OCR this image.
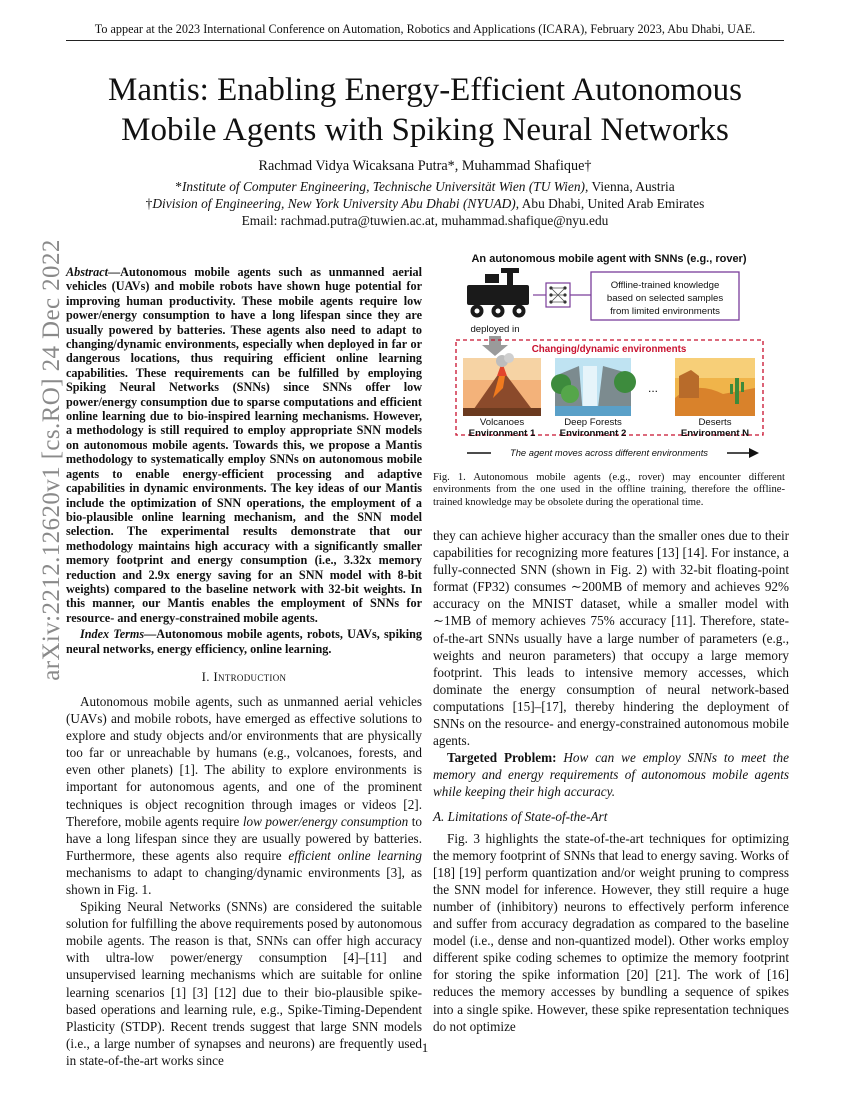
To appear at the 2023 International Conference on Automation, Robotics and Applications (ICARA), February 2023, Abu Dhabi, UAE.
arXiv:2212.12620v1 [cs.RO] 24 Dec 2022
Mantis: Enabling Energy-Efficient Autonomous Mobile Agents with Spiking Neural Networks
Rachmad Vidya Wicaksana Putra*, Muhammad Shafique†
*Institute of Computer Engineering, Technische Universität Wien (TU Wien), Vienna, Austria
†Division of Engineering, New York University Abu Dhabi (NYUAD), Abu Dhabi, United Arab Emirates
Email: rachmad.putra@tuwien.ac.at, muhammad.shafique@nyu.edu
Abstract—Autonomous mobile agents such as unmanned aerial vehicles (UAVs) and mobile robots have shown huge potential for improving human productivity. These mobile agents require low power/energy consumption to have a long lifespan since they are usually powered by batteries. These agents also need to adapt to changing/dynamic environments, especially when deployed in far or dangerous locations, thus requiring efficient online learning capabilities. These requirements can be fulfilled by employing Spiking Neural Networks (SNNs) since SNNs offer low power/energy consumption due to sparse computations and efficient online learning due to bio-inspired learning mechanisms. However, a methodology is still required to employ appropriate SNN models on autonomous mobile agents. Towards this, we propose a Mantis methodology to systematically employ SNNs on autonomous mobile agents to enable energy-efficient processing and adaptive capabilities in dynamic environments. The key ideas of our Mantis include the optimization of SNN operations, the employment of a bio-plausible online learning mechanism, and the SNN model selection. The experimental results demonstrate that our methodology maintains high accuracy with a significantly smaller memory footprint and energy consumption (i.e., 3.32x memory reduction and 2.9x energy saving for an SNN model with 8-bit weights) compared to the baseline network with 32-bit weights. In this manner, our Mantis enables the employment of SNNs for resource- and energy-constrained mobile agents.
Index Terms—Autonomous mobile agents, robots, UAVs, spiking neural networks, energy efficiency, online learning.
I. Introduction

Autonomous mobile agents, such as unmanned aerial vehicles (UAVs) and mobile robots, have emerged as effective solutions to explore and study objects and/or environments that are physically too far or unreachable by humans (e.g., volcanoes, forests, and even other planets) [1]. The ability to explore environments is important for autonomous agents, and one of the prominent techniques is object recognition through images or videos [2]. Therefore, mobile agents require low power/energy consumption to have a long lifespan since they are usually powered by batteries. Furthermore, these agents also require efficient online learning mechanisms to adapt to changing/dynamic environments [3], as shown in Fig. 1.

Spiking Neural Networks (SNNs) are considered the suitable solution for fulfilling the above requirements posed by autonomous mobile agents. The reason is that, SNNs can offer high accuracy with ultra-low power/energy consumption [4]–[11] and unsupervised learning mechanisms which are suitable for online learning scenarios [1] [3] [12] due to their bio-plausible spike-based operations and learning rule, e.g., Spike-Timing-Dependent Plasticity (STDP). Recent trends suggest that large SNN models (i.e., a large number of synapses and neurons) are frequently used in state-of-the-art works since

An autonomous mobile agent with SNNs (e.g., rover)
Offline-trained knowledge
based on selected samples
from limited environments
deployed in
Changing/dynamic environments
...
Volcanoes
Environment 1
Deep Forests
Environment 2
Deserts
Environment N
The agent moves across different environments
Fig. 1. Autonomous mobile agents (e.g., rover) may encounter different environments from the one used in the offline training, therefore the offline-trained knowledge may be obsolete during the operational time.

they can achieve higher accuracy than the smaller ones due to their capabilities for recognizing more features [13] [14]. For instance, a fully-connected SNN (shown in Fig. 2) with 32-bit floating-point format (FP32) consumes ∼200MB of memory and achieves 92% accuracy on the MNIST dataset, while a smaller model with ∼1MB of memory achieves 75% accuracy [11]. Therefore, state-of-the-art SNNs usually have a large number of parameters (e.g., weights and neuron parameters) that occupy a large memory footprint. This leads to intensive memory accesses, which dominate the energy consumption of neural network-based computations [15]–[17], thereby hindering the deployment of SNNs on the resource- and energy-constrained autonomous mobile agents.

Targeted Problem: How can we employ SNNs to meet the memory and energy requirements of autonomous mobile agents while keeping their high accuracy.

A. Limitations of State-of-the-Art

Fig. 3 highlights the state-of-the-art techniques for optimizing the memory footprint of SNNs that lead to energy saving. Works of [18] [19] perform quantization and/or weight pruning to compress the SNN model for inference. However, they still require a huge number of (inhibitory) neurons to effectively perform inference and suffer from accuracy degradation as compared to the baseline model (i.e., dense and non-quantized model). Other works employ different spike coding schemes to optimize the memory footprint for storing the spike information [20] [21]. The work of [16] reduces the memory accesses by bundling a sequence of spikes into a single spike. However, these spike representation techniques do not optimize

1
